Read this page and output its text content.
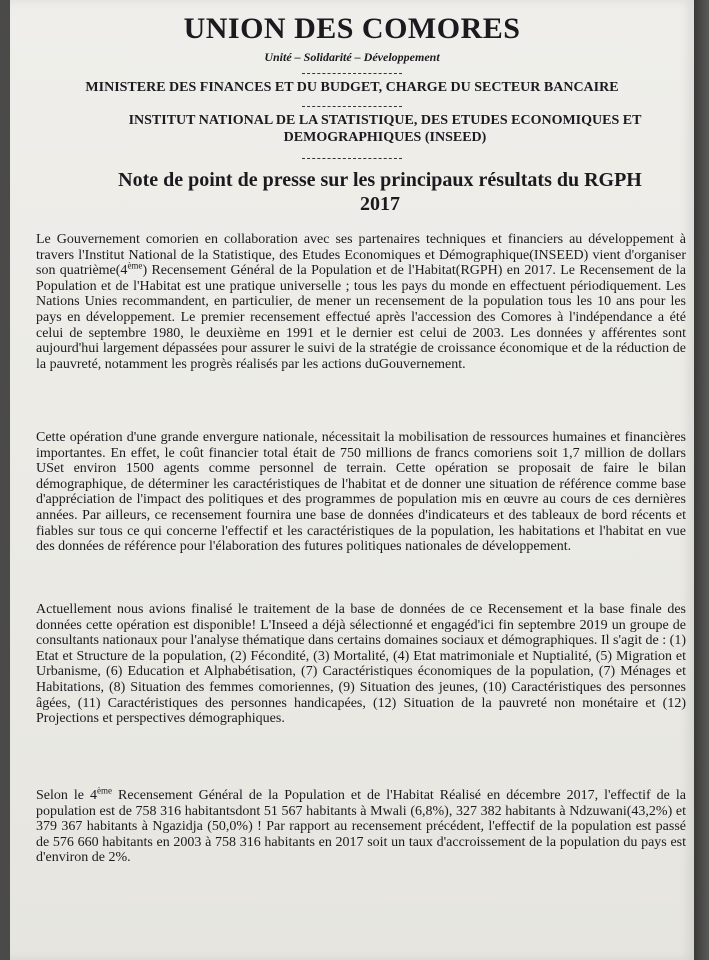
UNION DES COMORES
Unité – Solidarité – Développement
MINISTERE DES FINANCES ET DU BUDGET, CHARGE DU SECTEUR BANCAIRE
INSTITUT NATIONAL DE LA STATISTIQUE, DES ETUDES ECONOMIQUES ET DEMOGRAPHIQUES (INSEED)
Note de point de presse sur les principaux résultats du RGPH 2017

Le Gouvernement comorien en collaboration avec ses partenaires techniques et financiers au développement à travers l'Institut National de la Statistique, des Etudes Economiques et Démographique(INSEED) vient d'organiser son quatrième(4ème) Recensement Général de la Population et de l'Habitat(RGPH) en 2017. Le Recensement de la Population et de l'Habitat est une pratique universelle ; tous les pays du monde en effectuent périodiquement. Les Nations Unies recommandent, en particulier, de mener un recensement de la population tous les 10 ans pour les pays en développement. Le premier recensement effectué après l'accession des Comores à l'indépendance a été celui de septembre 1980, le deuxième en 1991 et le dernier est celui de 2003. Les données y afférentes sont aujourd'hui largement dépassées pour assurer le suivi de la stratégie de croissance économique et de la réduction de la pauvreté, notamment les progrès réalisés par les actions duGouvernement.

Cette opération d'une grande envergure nationale, nécessitait la mobilisation de ressources humaines et financières importantes. En effet, le coût financier total était de 750 millions de francs comoriens soit 1,7 million de dollars USet environ 1500 agents comme personnel de terrain. Cette opération se proposait de faire le bilan démographique, de déterminer les caractéristiques de l'habitat et de donner une situation de référence comme base d'appréciation de l'impact des politiques et des programmes de population mis en œuvre au cours de ces dernières années. Par ailleurs, ce recensement fournira une base de données d'indicateurs et des tableaux de bord récents et fiables sur tous ce qui concerne l'effectif et les caractéristiques de la population, les habitations et l'habitat en vue des données de référence pour l'élaboration des futures politiques nationales de développement.

Actuellement nous avions finalisé le traitement de la base de données de ce Recensement et la base finale des données cette opération est disponible! L'Inseed a déjà sélectionné et engagéd'ici fin septembre 2019 un groupe de consultants nationaux pour l'analyse thématique dans certains domaines sociaux et démographiques. Il s'agit de : (1) Etat et Structure de la population, (2) Fécondité, (3) Mortalité, (4) Etat matrimoniale et Nuptialité, (5) Migration et Urbanisme, (6) Education et Alphabétisation, (7) Caractéristiques économiques de la population, (7) Ménages et Habitations, (8) Situation des femmes comoriennes, (9) Situation des jeunes, (10) Caractéristiques des personnes âgées, (11) Caractéristiques des personnes handicapées, (12) Situation de la pauvreté non monétaire et (12) Projections et perspectives démographiques.

Selon le 4ème Recensement Général de la Population et de l'Habitat Réalisé en décembre 2017, l'effectif de la population est de 758 316 habitantsdont 51 567 habitants à Mwali (6,8%), 327 382 habitants à Ndzuwani(43,2%) et 379 367 habitants à Ngazidja (50,0%) ! Par rapport au recensement précédent, l'effectif de la population est passé de 576 660 habitants en 2003 à 758 316 habitants en 2017 soit un taux d'accroissement de la population du pays est d'environ de 2%.
